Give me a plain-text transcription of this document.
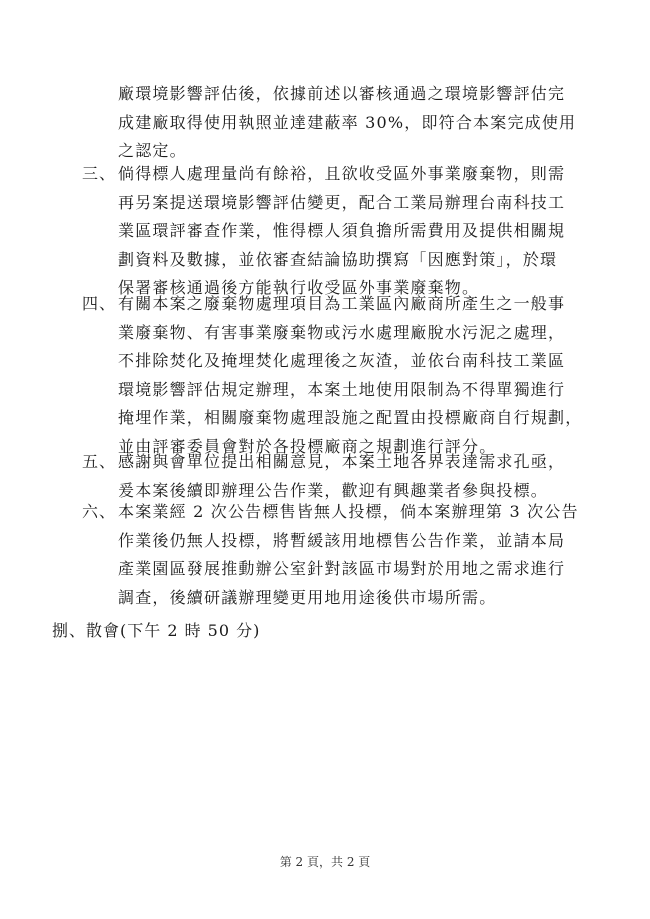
廠環境影響評估後，依據前述以審核通過之環境影響評估完
成建廠取得使用執照並達建蔽率 30%，即符合本案完成使用
之認定。
三、 倘得標人處理量尚有餘裕，且欲收受區外事業廢棄物，則需
再另案提送環境影響評估變更，配合工業局辦理台南科技工
業區環評審查作業，惟得標人須負擔所需費用及提供相關規
劃資料及數據，並依審查結論協助撰寫「因應對策」，於環
保署審核通過後方能執行收受區外事業廢棄物。
四、 有關本案之廢棄物處理項目為工業區內廠商所產生之一般事
業廢棄物、有害事業廢棄物或污水處理廠脫水污泥之處理，
不排除焚化及掩埋焚化處理後之灰渣，並依台南科技工業區
環境影響評估規定辦理，本案土地使用限制為不得單獨進行
掩埋作業，相關廢棄物處理設施之配置由投標廠商自行規劃，
並由評審委員會對於各投標廠商之規劃進行評分。
五、 感謝與會單位提出相關意見，本案土地各界表達需求孔亟，
爰本案後續即辦理公告作業，歡迎有興趣業者參與投標。
六、 本案業經 2 次公告標售皆無人投標，倘本案辦理第 3 次公告
作業後仍無人投標，將暫緩該用地標售公告作業，並請本局
產業園區發展推動辦公室針對該區市場對於用地之需求進行
調查，後續研議辦理變更用地用途後供市場所需。
捌、散會(下午 2 時 50 分)
第 2 頁，共 2 頁
